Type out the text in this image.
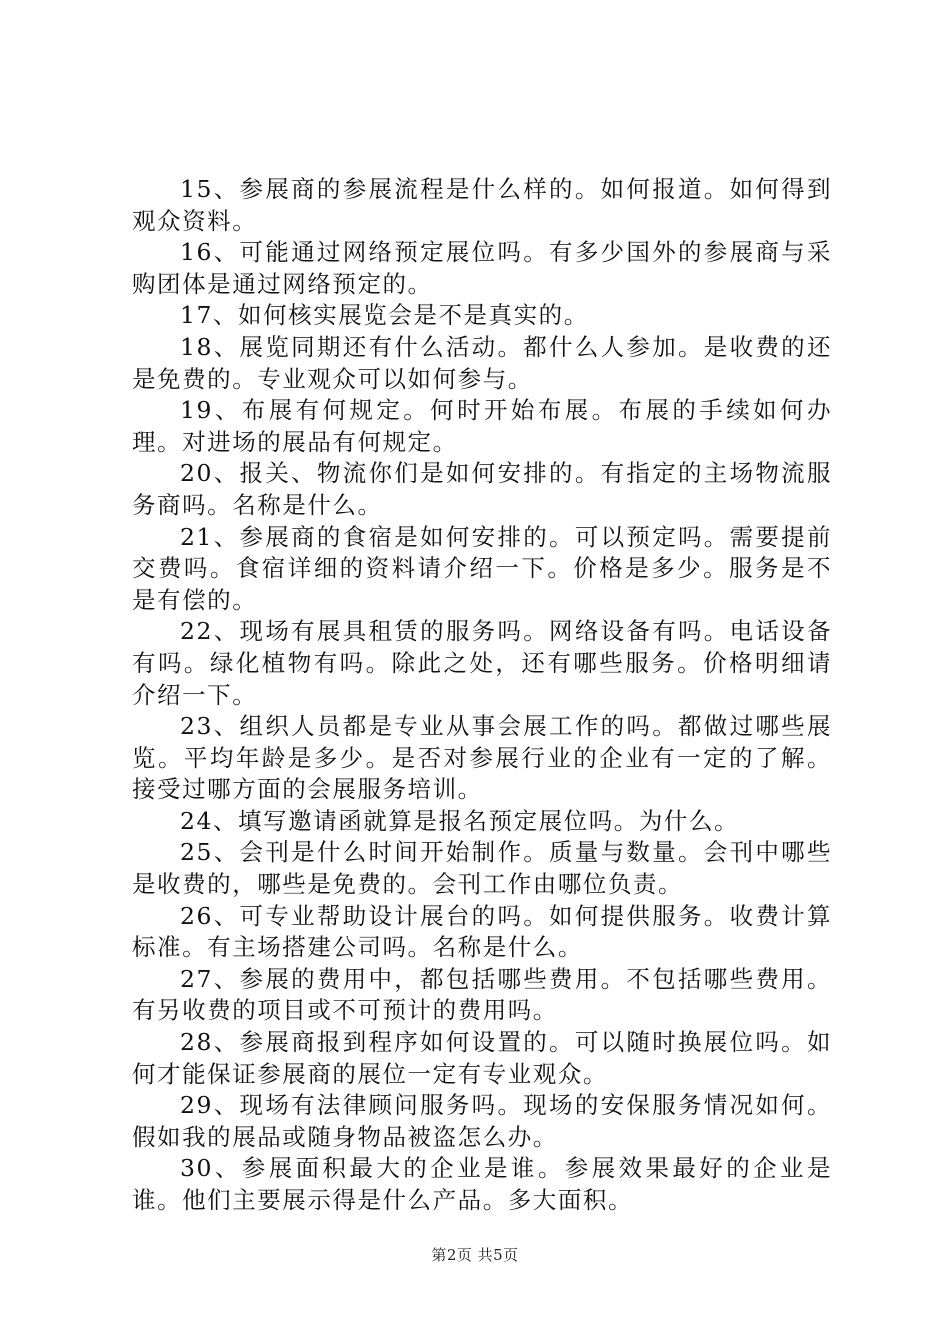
15、参展商的参展流程是什么样的。如何报道。如何得到观众资料。

16、可能通过网络预定展位吗。有多少国外的参展商与采购团体是通过网络预定的。

17、如何核实展览会是不是真实的。

18、展览同期还有什么活动。都什么人参加。是收费的还是免费的。专业观众可以如何参与。

19、布展有何规定。何时开始布展。布展的手续如何办理。对进场的展品有何规定。

20、报关、物流你们是如何安排的。有指定的主场物流服务商吗。名称是什么。

21、参展商的食宿是如何安排的。可以预定吗。需要提前交费吗。食宿详细的资料请介绍一下。价格是多少。服务是不是有偿的。

22、现场有展具租赁的服务吗。网络设备有吗。电话设备有吗。绿化植物有吗。除此之处，还有哪些服务。价格明细请介绍一下。

23、组织人员都是专业从事会展工作的吗。都做过哪些展览。平均年龄是多少。是否对参展行业的企业有一定的了解。接受过哪方面的会展服务培训。

24、填写邀请函就算是报名预定展位吗。为什么。

25、会刊是什么时间开始制作。质量与数量。会刊中哪些是收费的，哪些是免费的。会刊工作由哪位负责。

26、可专业帮助设计展台的吗。如何提供服务。收费计算标准。有主场搭建公司吗。名称是什么。

27、参展的费用中，都包括哪些费用。不包括哪些费用。有另收费的项目或不可预计的费用吗。

28、参展商报到程序如何设置的。可以随时换展位吗。如何才能保证参展商的展位一定有专业观众。

29、现场有法律顾问服务吗。现场的安保服务情况如何。假如我的展品或随身物品被盗怎么办。

30、参展面积最大的企业是谁。参展效果最好的企业是谁。他们主要展示得是什么产品。多大面积。

第2页 共5页
